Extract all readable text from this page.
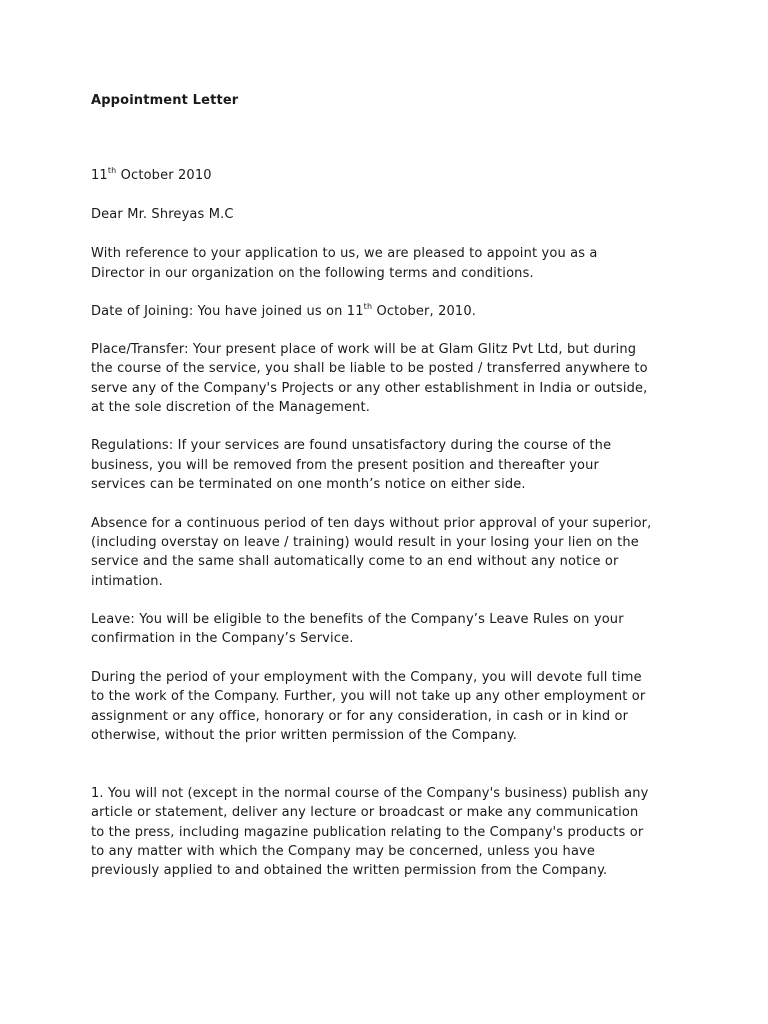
Appointment Letter
11th October 2010
Dear Mr. Shreyas M.C
With reference to your application to us, we are pleased to appoint you as a
Director in our organization on the following terms and conditions.
Date of Joining: You have joined us on 11th October, 2010.
Place/Transfer: Your present place of work will be at Glam Glitz Pvt Ltd, but during
the course of the service, you shall be liable to be posted / transferred anywhere to
serve any of the Company's Projects or any other establishment in India or outside,
at the sole discretion of the Management.
Regulations: If your services are found unsatisfactory during the course of the
business, you will be removed from the present position and thereafter your
services can be terminated on one month’s notice on either side.
Absence for a continuous period of ten days without prior approval of your superior,
(including overstay on leave / training) would result in your losing your lien on the
service and the same shall automatically come to an end without any notice or
intimation.
Leave: You will be eligible to the benefits of the Company’s Leave Rules on your
confirmation in the Company’s Service.
During the period of your employment with the Company, you will devote full time
to the work of the Company. Further, you will not take up any other employment or
assignment or any office, honorary or for any consideration, in cash or in kind or
otherwise, without the prior written permission of the Company.
1. You will not (except in the normal course of the Company's business) publish any
article or statement, deliver any lecture or broadcast or make any communication
to the press, including magazine publication relating to the Company's products or
to any matter with which the Company may be concerned, unless you have
previously applied to and obtained the written permission from the Company.
